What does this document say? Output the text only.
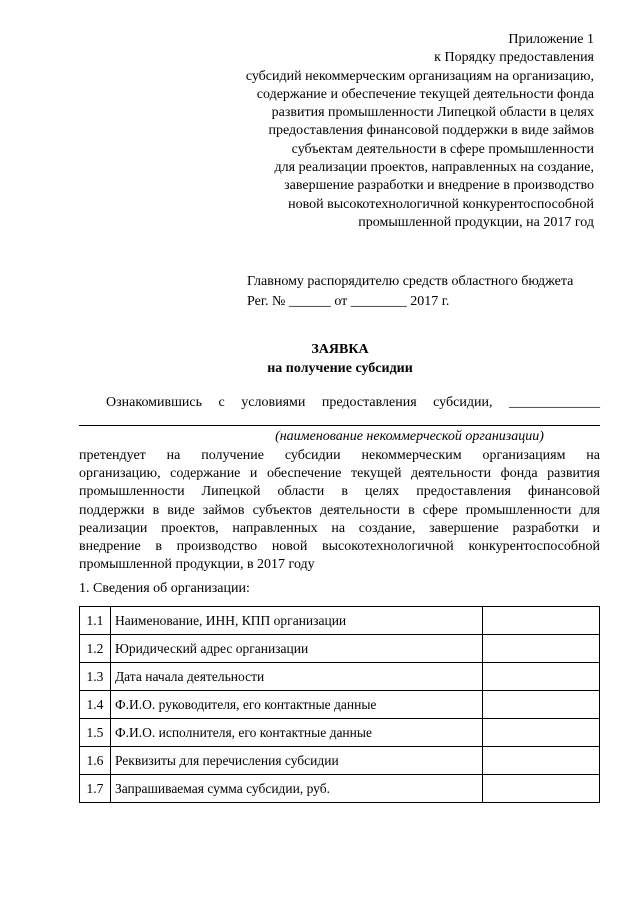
Приложение 1
к Порядку предоставления
субсидий некоммерческим организациям на организацию,
содержание и обеспечение текущей деятельности фонда
развития промышленности Липецкой области в целях
предоставления финансовой поддержки в виде займов
субъектам деятельности в сфере промышленности
для реализации проектов, направленных на создание,
завершение разработки и внедрение в производство
новой высокотехнологичной конкурентоспособной
промышленной продукции, на 2017 год
Главному распорядителю средств областного бюджета
Рег. № ______ от ________ 2017 г.
ЗАЯВКА
на получение субсидии
Ознакомившись с условиями предоставления субсидии, _____________
(наименование некоммерческой организации)
претендует на получение субсидии некоммерческим организациям на
организацию, содержание и обеспечение текущей деятельности фонда развития
промышленности Липецкой области в целях предоставления финансовой
поддержки в виде займов субъектов деятельности в сфере промышленности для
реализации проектов, направленных на создание, завершение разработки и
внедрение в производство новой высокотехнологичной конкурентоспособной
промышленной продукции, в 2017 году
1. Сведения об организации:
1.1	Наименование, ИНН, КПП организации	
1.2	Юридический адрес организации	
1.3	Дата начала деятельности	
1.4	Ф.И.О. руководителя, его контактные данные	
1.5	Ф.И.О. исполнителя, его контактные данные	
1.6	Реквизиты для перечисления субсидии	
1.7	Запрашиваемая сумма субсидии, руб.	
